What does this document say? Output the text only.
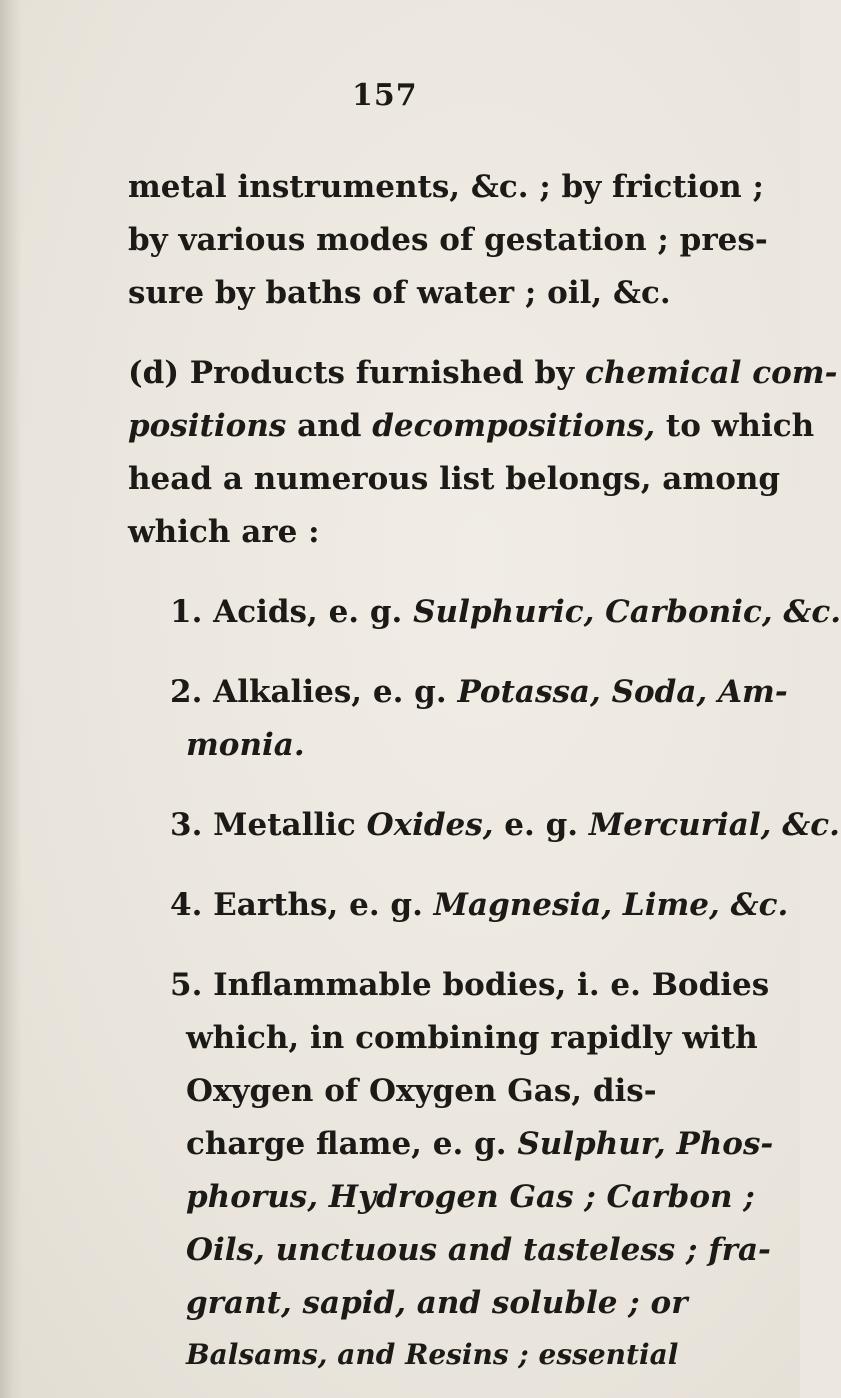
157
metal instruments, &c. ; by friction ;
by various modes of gestation ; pres-
sure by baths of water ; oil, &c.
(d) Products furnished by chemical com-
positions and decompositions, to which
head a numerous list belongs, among
which are :
1. Acids, e. g. Sulphuric, Carbonic, &c.
2. Alkalies, e. g. Potassa, Soda, Am-
monia.
3. Metallic Oxides, e. g. Mercurial, &c.
4. Earths, e. g. Magnesia, Lime, &c.
5. Inflammable bodies, i. e. Bodies
which, in combining rapidly with
Oxygen of Oxygen Gas, dis-
charge flame, e. g. Sulphur, Phos-
phorus, Hydrogen Gas ; Carbon ;
Oils, unctuous and tasteless ; fra-
grant, sapid, and soluble ; or
Balsams, and Resins ; essential
